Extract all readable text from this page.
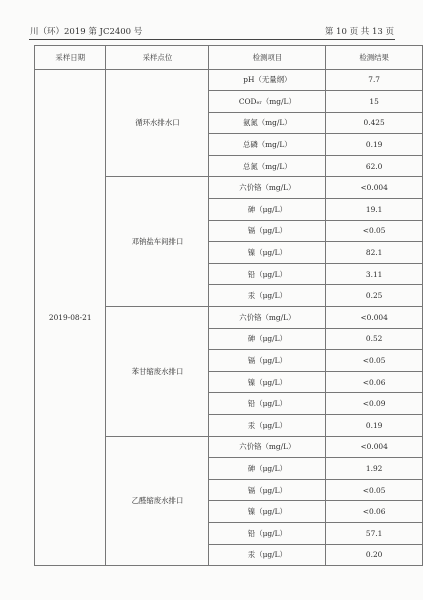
川（环）2019 第 JC2400 号	第 10 页 共 13 页
采样日期	采样点位	检测项目	检测结果
2019-08-21	循环水排水口	pH（无量纲）	7.7
		CODₑᵣ（mg/L）	15
		氨氮（mg/L）	0.425
		总磷（mg/L）	0.19
		总氮（mg/L）	62.0
	邓钠盐车间排口	六价铬（mg/L）	<0.004
		砷（μg/L）	19.1
		镉（μg/L）	<0.05
		镍（μg/L）	82.1
		铅（μg/L）	3.11
		汞（μg/L）	0.25
	苯甘缩废水排口	六价铬（mg/L）	<0.004
		砷（μg/L）	0.52
		镉（μg/L）	<0.05
		镍（μg/L）	<0.06
		铅（μg/L）	<0.09
		汞（μg/L）	0.19
	乙醛缩废水排口	六价铬（mg/L）	<0.004
		砷（μg/L）	1.92
		镉（μg/L）	<0.05
		镍（μg/L）	<0.06
		铅（μg/L）	57.1
		汞（μg/L）	0.20
